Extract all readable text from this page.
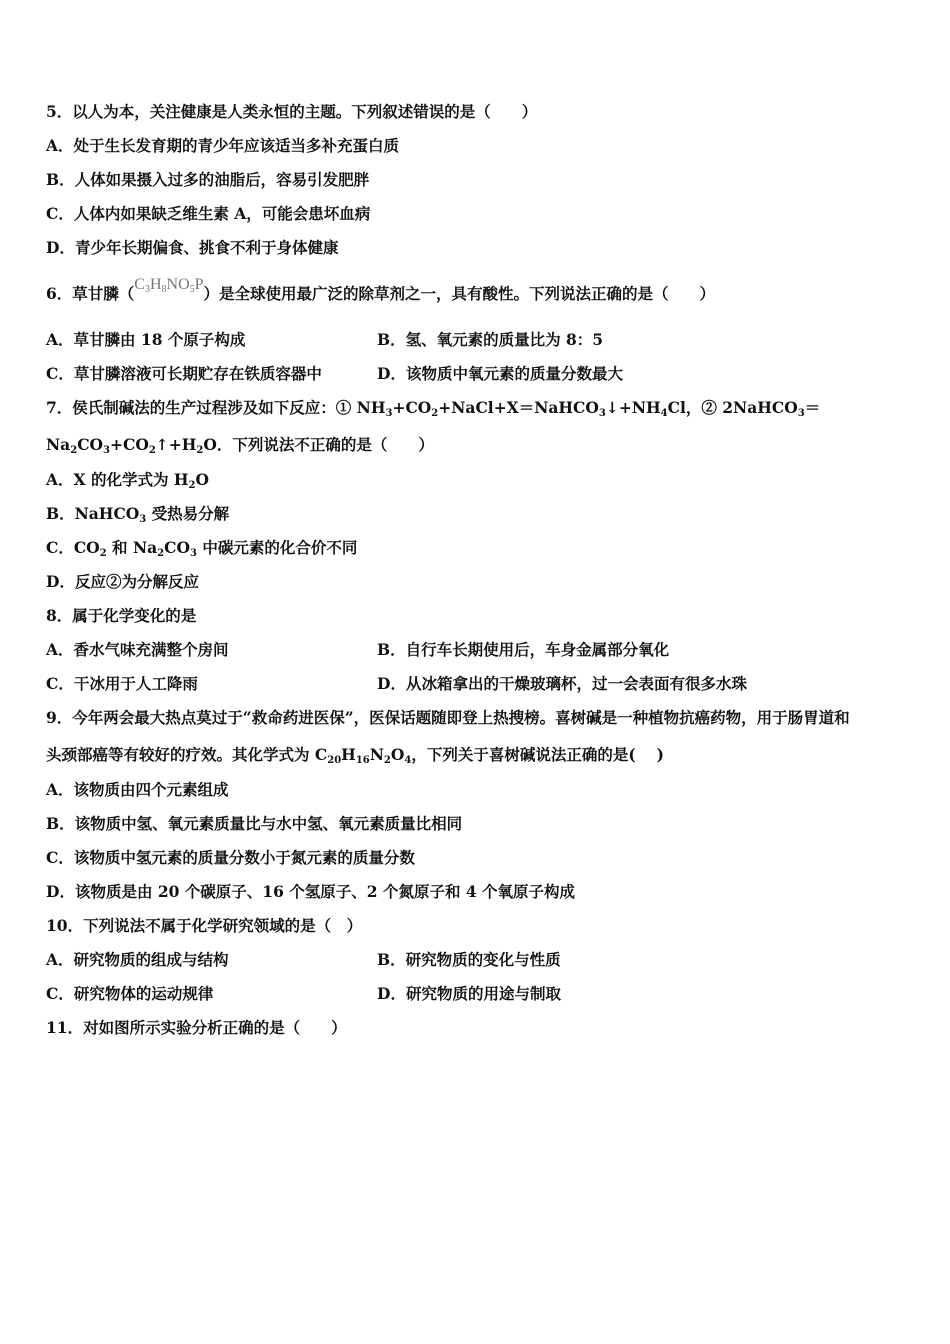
5．以人为本，关注健康是人类永恒的主题。下列叙述错误的是（　　）
A．处于生长发育期的青少年应该适当多补充蛋白质
B．人体如果摄入过多的油脂后，容易引发肥胖
C．人体内如果缺乏维生素 A，可能会患坏血病
D．青少年长期偏食、挑食不利于身体健康
6．草甘膦$(C_3H_8NO_5P)$是全球使用最广泛的除草剂之一，具有酸性。下列说法正确的是（　　）
A．草甘膦由 18 个原子构成	B．氢、氧元素的质量比为 8：5
C．草甘膦溶液可长期贮存在铁质容器中	D．该物质中氧元素的质量分数最大
7．侯氏制碱法的生产过程涉及如下反应：① $NH_3+CO_2+NaCl+X=NaHCO_3↓+NH_4Cl$，② 2NaHCO$_3$＝
$Na_2CO_3+CO_2↑+H_2O$．下列说法不正确的是（　　）
A．X 的化学式为 $H_2O$
B．NaHCO$_3$ 受热易分解
C．$CO_2$ 和 $Na_2CO_3$ 中碳元素的化合价不同
D．反应②为分解反应
8．属于化学变化的是
A．香水气味充满整个房间	B．自行车长期使用后，车身金属部分氧化
C．干冰用于人工降雨	D．从冰箱拿出的干燥玻璃杯，过一会表面有很多水珠
9．今年两会最大热点莫过于“救命药进医保”，医保话题随即登上热搜榜。喜树碱是一种植物抗癌药物，用于肠胃道和
头颈部癌等有较好的疗效。其化学式为 $C_{20}H_{16}N_2O_4$，下列关于喜树碱说法正确的是(　 )
A．该物质由四个元素组成
B．该物质中氢、氧元素质量比与水中氢、氧元素质量比相同
C．该物质中氢元素的质量分数小于氮元素的质量分数
D．该物质是由 20 个碳原子、16 个氢原子、2 个氮原子和 4 个氧原子构成
10．下列说法不属于化学研究领域的是（　）
A．研究物质的组成与结构	B．研究物质的变化与性质
C．研究物体的运动规律	D．研究物质的用途与制取
11．对如图所示实验分析正确的是（　　）
